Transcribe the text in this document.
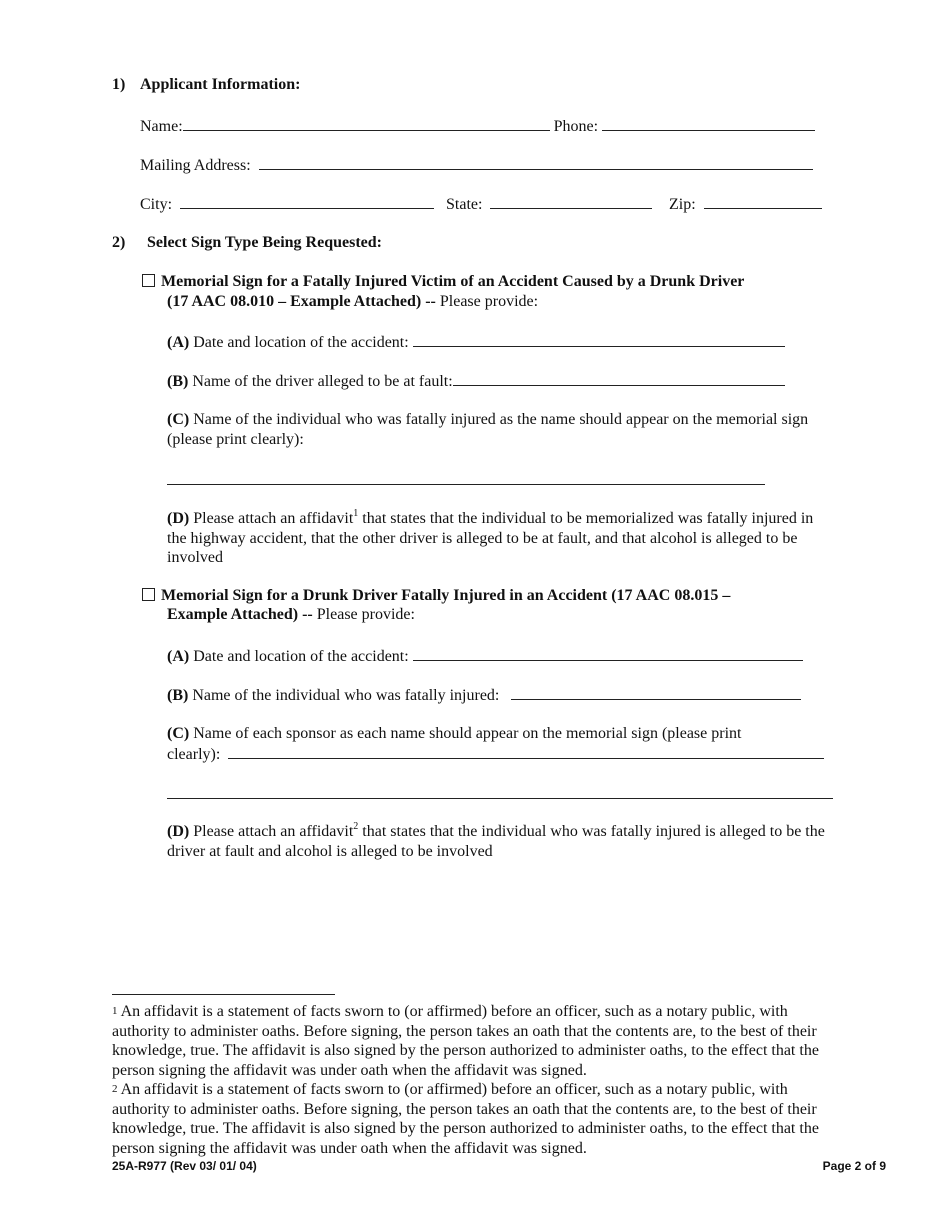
1) Applicant Information:
Name:	Phone:
Mailing Address:
City:	State:	Zip:
2) Select Sign Type Being Requested:
Memorial Sign for a Fatally Injured Victim of an Accident Caused by a Drunk Driver
(17 AAC 08.010 – Example Attached) -- Please provide:
(A) Date and location of the accident:
(B) Name of the driver alleged to be at fault:
(C) Name of the individual who was fatally injured as the name should appear on the memorial sign (please print clearly):
(D) Please attach an affidavit$^1$ that states that the individual to be memorialized was fatally injured in the highway accident, that the other driver is alleged to be at fault, and that alcohol is alleged to be involved
Memorial Sign for a Drunk Driver Fatally Injured in an Accident (17 AAC 08.015 –
Example Attached) -- Please provide:
(A) Date and location of the accident:
(B) Name of the individual who was fatally injured:
(C) Name of each sponsor as each name should appear on the memorial sign (please print
clearly):
(D) Please attach an affidavit$^2$ that states that the individual who was fatally injured is alleged to be the driver at fault and alcohol is alleged to be involved
1 An affidavit is a statement of facts sworn to (or affirmed) before an officer, such as a notary public, with authority to administer oaths. Before signing, the person takes an oath that the contents are, to the best of their knowledge, true. The affidavit is also signed by the person authorized to administer oaths, to the effect that the person signing the affidavit was under oath when the affidavit was signed.
2 An affidavit is a statement of facts sworn to (or affirmed) before an officer, such as a notary public, with authority to administer oaths. Before signing, the person takes an oath that the contents are, to the best of their knowledge, true. The affidavit is also signed by the person authorized to administer oaths, to the effect that the person signing the affidavit was under oath when the affidavit was signed.
25A-R977 (Rev 03/ 01/ 04)	Page 2 of 9
